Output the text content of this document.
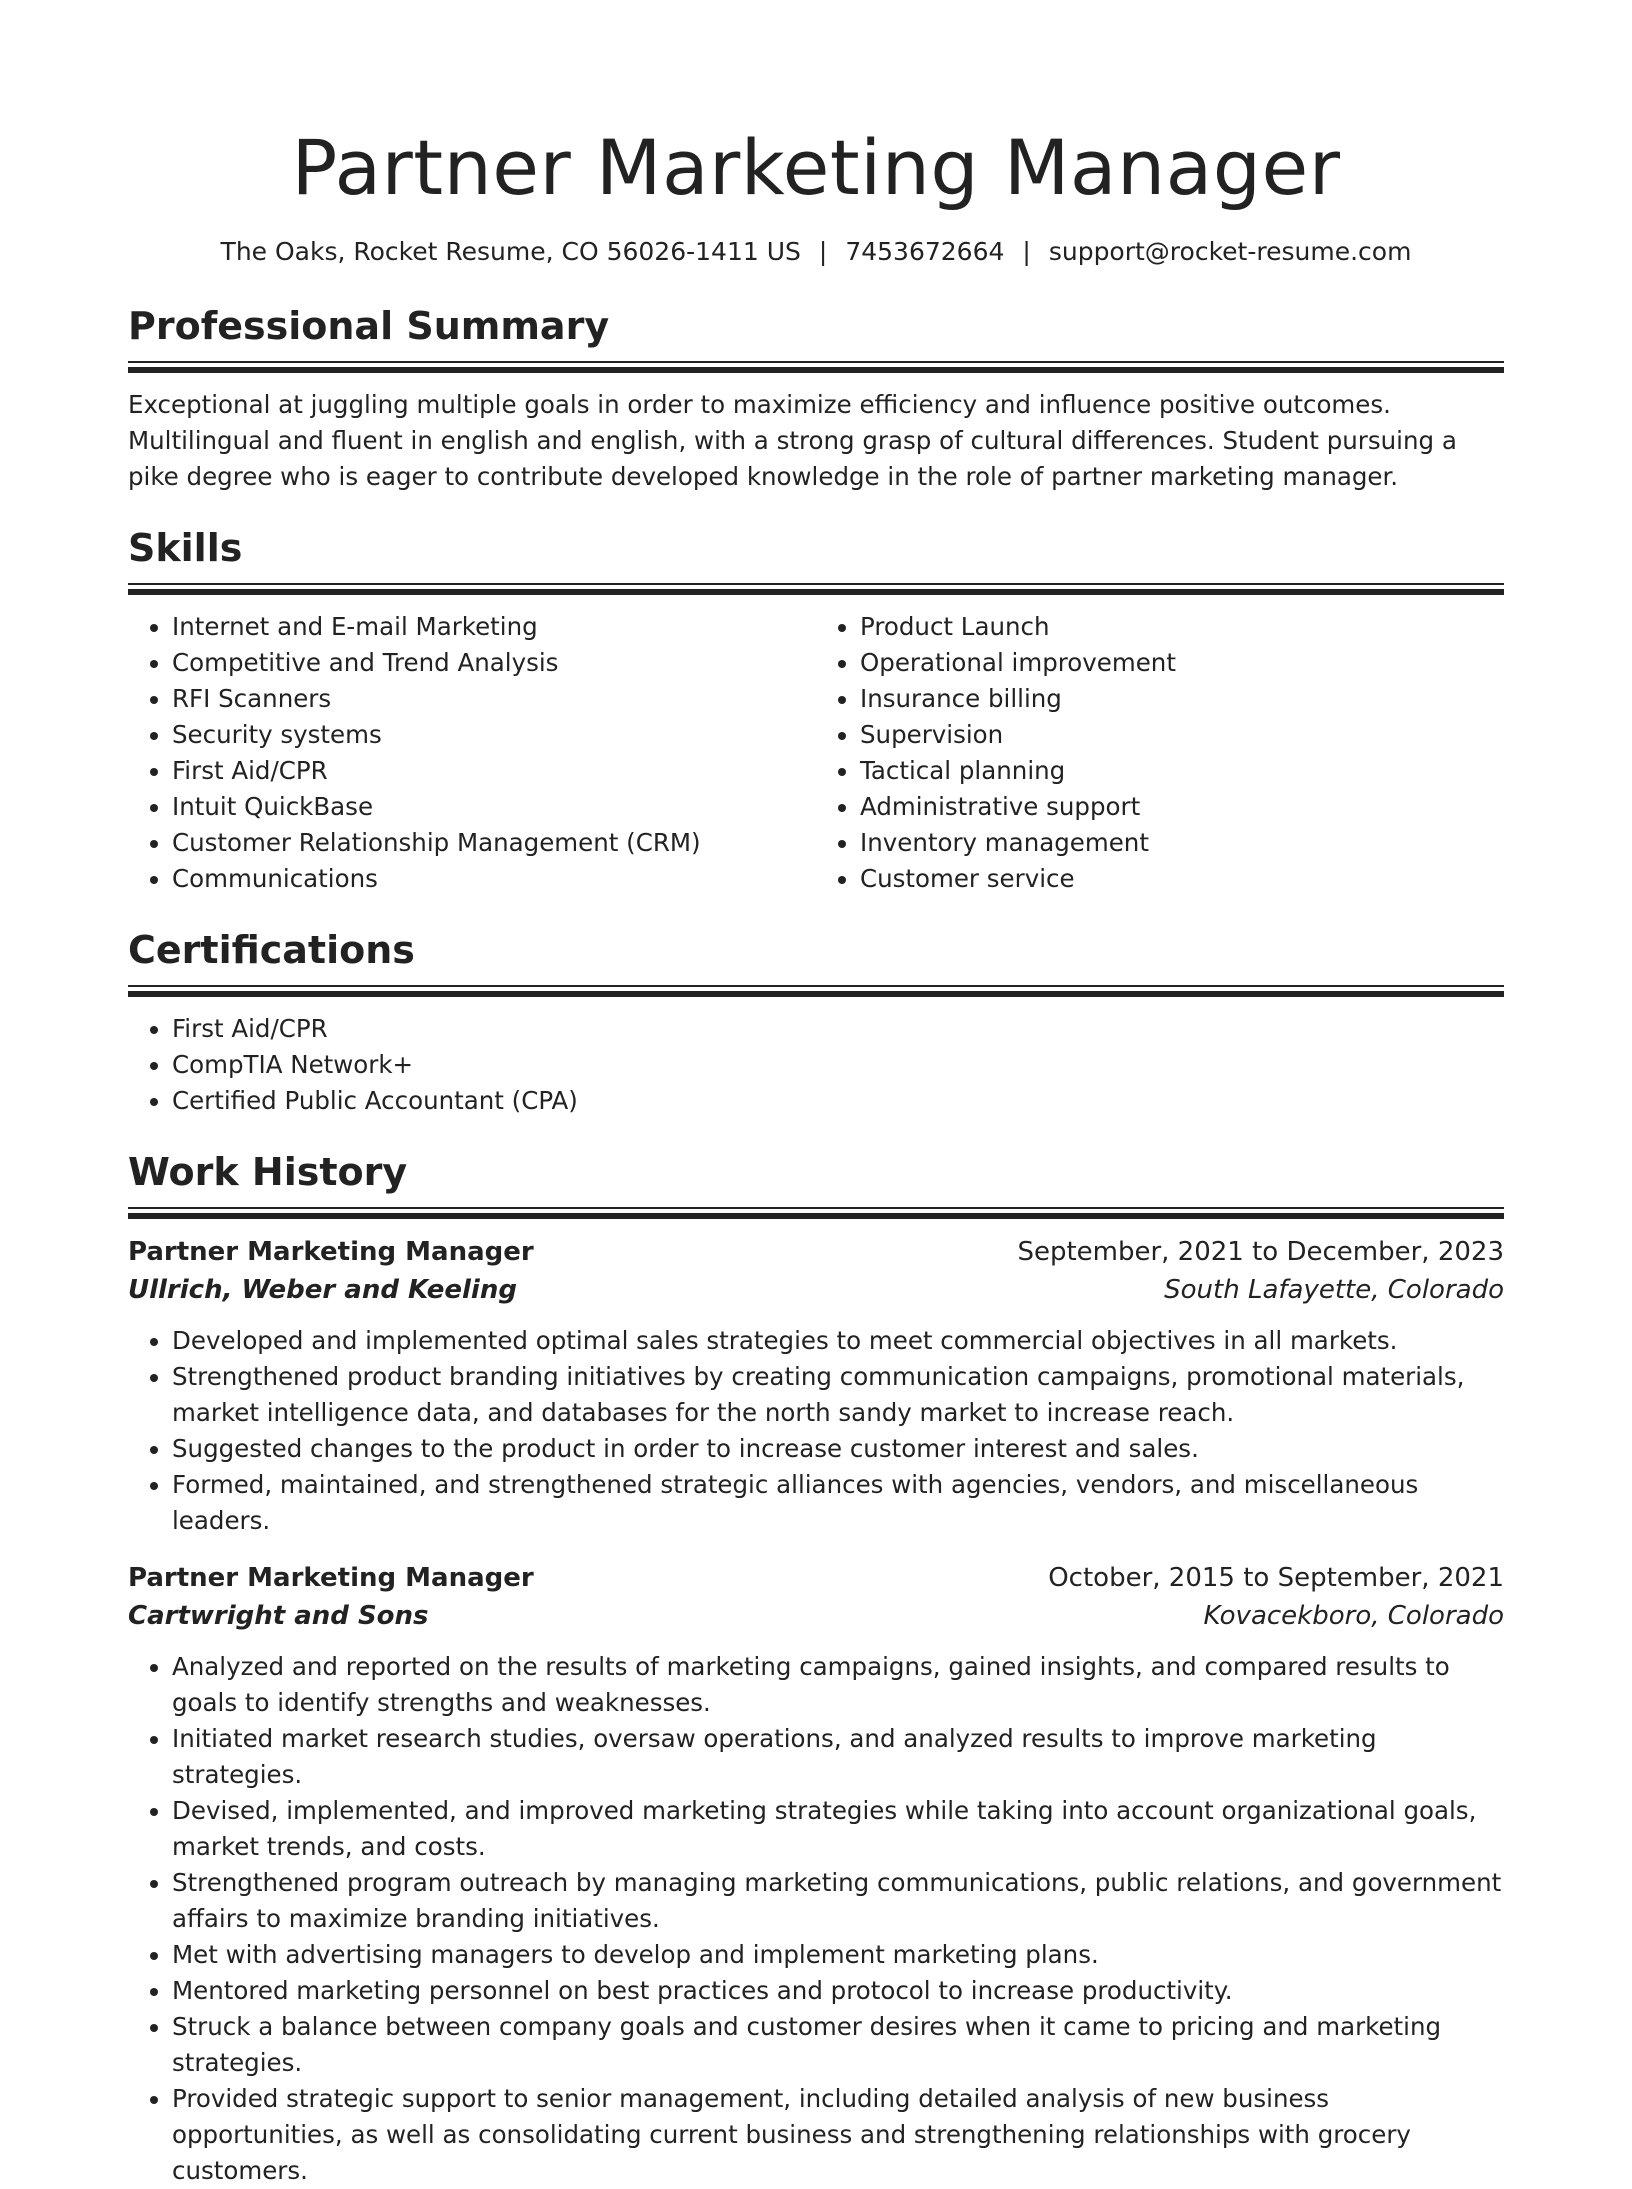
Partner Marketing Manager
The Oaks, Rocket Resume, CO 56026-1411 US | 7453672664 | support@rocket-resume.com
Professional Summary
Exceptional at juggling multiple goals in order to maximize efficiency and influence positive outcomes. Multilingual and fluent in english and english, with a strong grasp of cultural differences. Student pursuing a pike degree who is eager to contribute developed knowledge in the role of partner marketing manager.
Skills
• Internet and E-mail Marketing
• Competitive and Trend Analysis
• RFI Scanners
• Security systems
• First Aid/CPR
• Intuit QuickBase
• Customer Relationship Management (CRM)
• Communications
• Product Launch
• Operational improvement
• Insurance billing
• Supervision
• Tactical planning
• Administrative support
• Inventory management
• Customer service
Certifications
• First Aid/CPR
• CompTIA Network+
• Certified Public Accountant (CPA)
Work History
Partner Marketing Manager	September, 2021 to December, 2023
Ullrich, Weber and Keeling	South Lafayette, Colorado
• Developed and implemented optimal sales strategies to meet commercial objectives in all markets.
• Strengthened product branding initiatives by creating communication campaigns, promotional materials, market intelligence data, and databases for the north sandy market to increase reach.
• Suggested changes to the product in order to increase customer interest and sales.
• Formed, maintained, and strengthened strategic alliances with agencies, vendors, and miscellaneous leaders.
Partner Marketing Manager	October, 2015 to September, 2021
Cartwright and Sons	Kovacekboro, Colorado
• Analyzed and reported on the results of marketing campaigns, gained insights, and compared results to goals to identify strengths and weaknesses.
• Initiated market research studies, oversaw operations, and analyzed results to improve marketing strategies.
• Devised, implemented, and improved marketing strategies while taking into account organizational goals, market trends, and costs.
• Strengthened program outreach by managing marketing communications, public relations, and government affairs to maximize branding initiatives.
• Met with advertising managers to develop and implement marketing plans.
• Mentored marketing personnel on best practices and protocol to increase productivity.
• Struck a balance between company goals and customer desires when it came to pricing and marketing strategies.
• Provided strategic support to senior management, including detailed analysis of new business opportunities, as well as consolidating current business and strengthening relationships with grocery customers.
